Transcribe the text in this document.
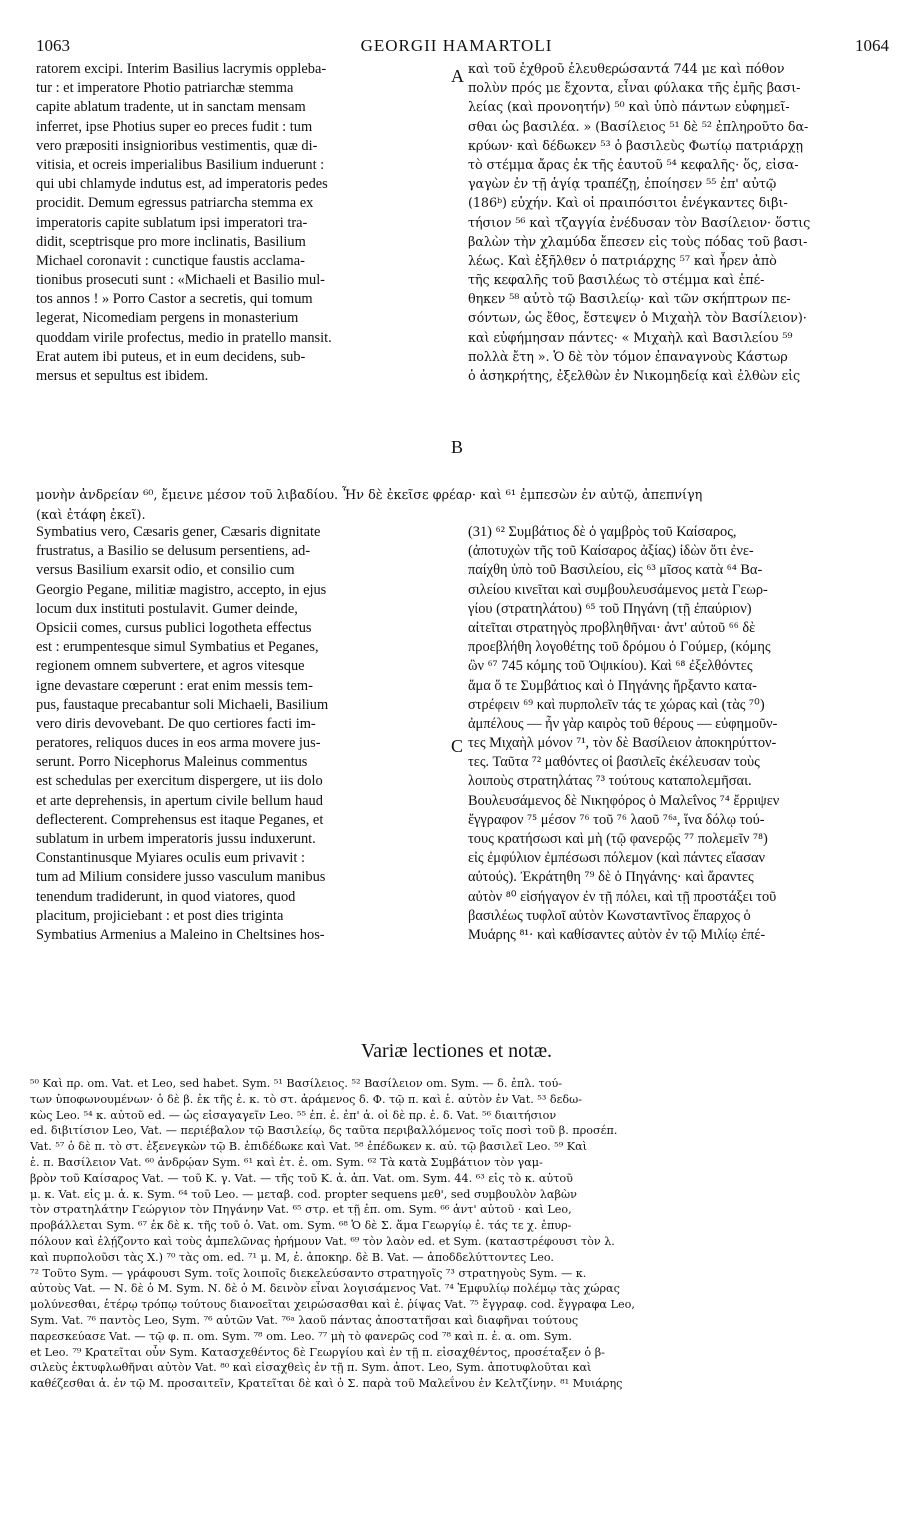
1063	GEORGII HAMARTOLI	1064
ratorem excipi. Interim Basilius lacrymis oppleba-
tur : et imperatore Photio patriarchæ stemma
capite ablatum tradente, ut in sanctam mensam
inferret, ipse Photius super eo preces fudit : tum
vero præpositi insignioribus vestimentis, quæ di-
vitisia, et ocreis imperialibus Basilium induerunt :
qui ubi chlamyde indutus est, ad imperatoris pedes
procidit. Demum egressus patriarcha stemma ex
imperatoris capite sublatum ipsi imperatori tra-
didit, sceptrisque pro more inclinatis, Basilium
Michael coronavit : cunctique faustis acclama-
tionibus prosecuti sunt : «Michaeli et Basilio mul-
tos annos ! » Porro Castor a secretis, qui tomum
legerat, Nicomediam pergens in monasterium
quoddam virile profectus, medio in pratello mansit.
Erat autem ibi puteus, et in eum decidens, sub-
mersus et sepultus est ibidem.
καὶ τοῦ ἐχθροῦ ἐλευθερώσαντά 744 με καὶ πόθον
πολὺν πρός με ἔχοντα, εἶναι φύλακα τῆς ἐμῆς βασι-
λείας (καὶ προνοητήν) ⁵⁰ καὶ ὑπὸ πάντων εὐφημεῖ-
σθαι ὡς βασιλέα. » (Βασίλειος ⁵¹ δὲ ⁵² ἐπληροῦτο δα-
κρύων· καὶ δέδωκεν ⁵³ ὁ βασιλεὺς Φωτίῳ πατριάρχῃ
τὸ στέμμα ἄρας ἐκ τῆς ἑαυτοῦ ⁵⁴ κεφαλῆς· ὅς, εἰσα-
γαγὼν ἐν τῇ ἁγίᾳ τραπέζῃ, ἐποίησεν ⁵⁵ ἐπ' αὐτῷ
(186ᵇ) εὐχήν. Καὶ οἱ πραιπόσιτοι ἐνέγκαντες διβι-
τήσιον ⁵⁶ καὶ τζαγγία ἐνέδυσαν τὸν Βασίλειον· ὅστις
βαλὼν τὴν χλαμύδα ἔπεσεν εἰς τοὺς πόδας τοῦ βασι-
λέως. Καὶ ἐξῆλθεν ὁ πατριάρχης ⁵⁷ καὶ ἦρεν ἀπὸ
τῆς κεφαλῆς τοῦ βασιλέως τὸ στέμμα καὶ ἐπέ-
θηκεν ⁵⁸ αὐτὸ τῷ Βασιλείῳ· καὶ τῶν σκήπτρων πε-
σόντων, ὡς ἔθος, ἔστεψεν ὁ Μιχαὴλ τὸν Βασίλειον)·
καὶ εὐφήμησαν πάντες· « Μιχαὴλ καὶ Βασιλείου ⁵⁹
πολλὰ ἔτη ». Ὁ δὲ τὸν τόμον ἐπαναγνοὺς Κάστωρ
ὁ ἀσηκρήτης, ἐξελθὼν ἐν Νικομηδείᾳ καὶ ἐλθὼν εἰς
A
B
C
μονὴν ἀνδρείαν ⁶⁰, ἔμεινε μέσον τοῦ λιβαδίου. Ἦν δὲ ἐκεῖσε φρέαρ· καὶ ⁶¹ ἐμπεσὼν ἐν αὐτῷ, ἀπεπνίγη
(καὶ ἐτάφη ἐκεῖ).
Symbatius vero, Cæsaris gener, Cæsaris dignitate
frustratus, a Basilio se delusum persentiens, ad-
versus Basilium exarsit odio, et consilio cum
Georgio Pegane, militiæ magistro, accepto, in ejus
locum dux instituti postulavit. Gumer deinde,
Opsicii comes, cursus publici logotheta effectus
est : erumpentesque simul Symbatius et Peganes,
regionem omnem subvertere, et agros vitesque
igne devastare cœperunt : erat enim messis tem-
pus, faustaque precabantur soli Michaeli, Basilium
vero diris devovebant. De quo certiores facti im-
peratores, reliquos duces in eos arma movere jus-
serunt. Porro Nicephorus Maleinus commentus
est schedulas per exercitum dispergere, ut iis dolo
et arte deprehensis, in apertum civile bellum haud
deflecterent. Comprehensus est itaque Peganes, et
sublatum in urbem imperatoris jussu induxerunt.
Constantinusque Myiares oculis eum privavit :
tum ad Milium considere jusso vasculum manibus
tenendum tradiderunt, in quod viatores, quod
placitum, projiciebant : et post dies triginta
Symbatius Armenius a Maleino in Cheltsines hos-
(31) ⁶² Συμβάτιος δὲ ὁ γαμβρὸς τοῦ Καίσαρος,
(ἀποτυχὼν τῆς τοῦ Καίσαρος ἀξίας) ἰδὼν ὅτι ἐνε-
παίχθη ὑπὸ τοῦ Βασιλείου, εἰς ⁶³ μῖσος κατὰ ⁶⁴ Βα-
σιλείου κινεῖται καὶ συμβουλευσάμενος μετὰ Γεωρ-
γίου (στρατηλάτου) ⁶⁵ τοῦ Πηγάνη (τῇ ἐπαύριον)
αἰτεῖται στρατηγὸς προβληθῆναι· ἀντ' αὐτοῦ ⁶⁶ δὲ
προεβλήθη λογοθέτης τοῦ δρόμου ὁ Γούμερ, (κόμης
ὢν ⁶⁷ 745 κόμης τοῦ Ὀψικίου). Καὶ ⁶⁸ ἐξελθόντες
ἅμα ὅ τε Συμβάτιος καὶ ὁ Πηγάνης ἤρξαντο κατα-
στρέφειν ⁶⁹ καὶ πυρπολεῖν τάς τε χώρας καὶ (τὰς ⁷⁰)
ἀμπέλους — ἦν γὰρ καιρὸς τοῦ θέρους — εὐφημοῦν-
τες Μιχαὴλ μόνον ⁷¹, τὸν δὲ Βασίλειον ἀποκηρύττον-
τες. Ταῦτα ⁷² μαθόντες οἱ βασιλεῖς ἐκέλευσαν τοὺς
λοιποὺς στρατηλάτας ⁷³ τούτους καταπολεμῆσαι.
Βουλευσάμενος δὲ Νικηφόρος ὁ Μαλεΐνος ⁷⁴ ἔρριψεν
ἔγγραφον ⁷⁵ μέσον ⁷⁶ τοῦ ⁷⁶ λαοῦ ⁷⁶ᵃ, ἵνα δόλῳ τού-
τους κρατήσωσι καὶ μὴ (τῷ φανερῷς ⁷⁷ πολεμεῖν ⁷⁸)
εἰς ἐμφύλιον ἐμπέσωσι πόλεμον (καὶ πάντες εἴασαν
αὐτούς). Ἐκράτηθη ⁷⁹ δὲ ὁ Πηγάνης· καὶ ἄραντες
αὐτὸν ⁸⁰ εἰσήγαγον ἐν τῇ πόλει, καὶ τῇ προστάξει τοῦ
βασιλέως τυφλοῖ αὐτὸν Κωνσταντῖνος ἔπαρχος ὁ
Μυάρης ⁸¹· καὶ καθίσαντες αὐτὸν ἐν τῷ Μιλίῳ ἐπέ-
Variæ lectiones et notæ.
⁵⁰ Καὶ πρ. om. Vat. et Leo, sed habet. Sym. ⁵¹ Βασίλειος. ⁵² Βασίλειον om. Sym. — δ. ἐπλ. τού-
των ὑποφωνουμένων· ὁ δὲ β. ἐκ τῆς ἑ. κ. τὸ στ. ἀράμενος δ. Φ. τῷ π. καὶ ἑ. αὐτὸν ἐν Vat. ⁵³ δεδω-
κὼς Leo. ⁵⁴ κ. αὐτοῦ ed. — ὡς εἰσαγαγεῖν Leo. ⁵⁵ ἐπ. ἐ. ἐπ' ἁ. οἱ δὲ πρ. ἐ. δ. Vat. ⁵⁶ διαιτήσιον
ed. διβιτίσιον Leo, Vat. — περιέβαλον τῷ Βασιλείῳ, δς ταῦτα περιβαλλόμενος τοῖς ποσὶ τοῦ β. προσέπ.
Vat. ⁵⁷ ὁ δὲ π. τὸ στ. ἐξενεγκὼν τῷ Β. ἐπιδέδωκε καὶ Vat. ⁵⁸ ἐπέδωκεν κ. αὐ. τῷ βασιλεῖ Leo. ⁵⁹ Καὶ
ἑ. π. Βασίλειον Vat. ⁶⁰ ἀνδρῴαν Sym. ⁶¹ καὶ ἐτ. ἐ. om. Sym. ⁶² Τὰ κατὰ Συμβάτιον τὸν γαμ-
βρὸν τοῦ Καίσαρος Vat. — τοῦ Κ. γ. Vat. — τῆς τοῦ Κ. ἀ. ἀπ. Vat. om. Sym. 44. ⁶³ εἰς τὸ κ. αὐτοῦ
μ. κ. Vat. εἰς μ. ἀ. κ. Sym. ⁶⁴ τοῦ Leo. — μεταβ. cod. propter sequens μεθ', sed συμβουλὸν λαβὼν
τὸν στρατηλάτην Γεώργιον τὸν Πηγάνην Vat. ⁶⁵ στρ. et τῇ ἐπ. om. Sym. ⁶⁶ ἀντ' αὐτοῦ · καὶ Leo,
προβάλλεται Sym. ⁶⁷ ἐκ δὲ κ. τῆς τοῦ ὁ. Vat. om. Sym. ⁶⁸ Ὁ δὲ Σ. ἅμα Γεωργίῳ ἐ. τάς τε χ. ἐπυρ-
πόλουν καὶ ἐλῄζοντο καὶ τοὺς ἀμπελῶνας ἠρήμουν Vat. ⁶⁹ τὸν λαὸν ed. et Sym. (καταστρέφουσι τὸν λ.
καὶ πυρπολοῦσι τὰς Χ.) ⁷⁰ τὰς om. ed. ⁷¹ μ. Μ, ἐ. ἀποκηρ. δὲ Β. Vat. — ἀποδδελύττοντες Leo.
⁷² Τοῦτο Sym. — γράφουσι Sym. τοῖς λοιποῖς διεκελεύσαντο στρατηγοῖς ⁷³ στρατηγοὺς Sym. — κ.
αὐτοὺς Vat. — Ν. δὲ ὁ Μ. Sym. Ν. δὲ ὁ Μ. δεινὸν εἶναι λογισάμενος Vat. ⁷⁴ Ἐμφυλίῳ πολέμῳ τὰς χώρας
μολύνεσθαι, ἑτέρῳ τρόπῳ τούτους διανοεῖται χειρώσασθαι καὶ ἐ. ῥίψας Vat. ⁷⁵ ἔγγραφ. cod. ἔγγραφα Leo,
Sym. Vat. ⁷⁶ παντὸς Leo, Sym. ⁷⁶ αὐτῶν Vat. ⁷⁶ᵃ λαοῦ πάντας ἀποστατῆσαι καὶ διαφῆναι τούτους
παρεσκεύασε Vat. — τῷ φ. π. om. Sym. ⁷⁸ om. Leo. ⁷⁷ μὴ τὸ φανερῶς cod ⁷⁸ καὶ π. ἐ. α. om. Sym.
et Leo. ⁷⁹ Κρατεῖται οὖν Sym. Κατασχεθέντος δὲ Γεωργίου καὶ ἐν τῇ π. εἰσαχθέντος, προσέταξεν ὁ β-
σιλεὺς ἐκτυφλωθῆναι αὐτὸν Vat. ⁸⁰ καὶ εἰσαχθεὶς ἐν τῇ π. Sym. ἀποτ. Leo, Sym. ἀποτυφλοῦται καὶ
καθέζεσθαι ἁ. ἐν τῷ Μ. προσαιτεῖν, Κρατεῖται δὲ καὶ ὁ Σ. παρὰ τοῦ Μαλεΐνου ἐν Κελτζίνην. ⁸¹ Μυιάρης
